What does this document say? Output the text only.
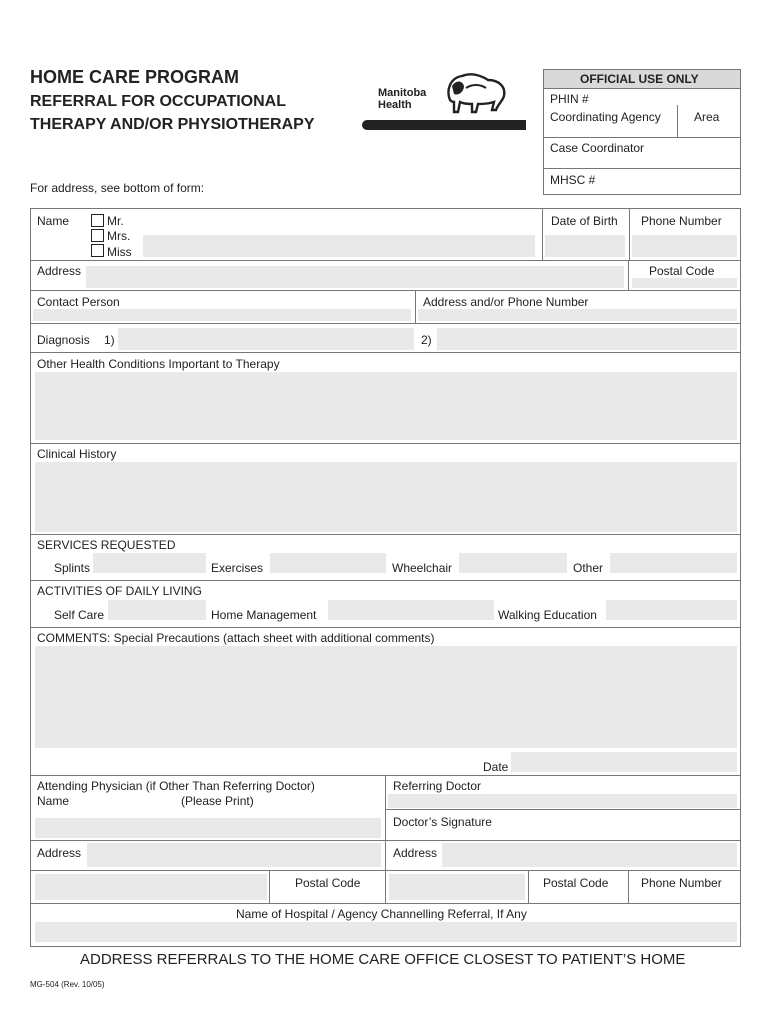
HOME CARE PROGRAM
REFERRAL FOR OCCUPATIONAL
THERAPY AND/OR PHYSIOTHERAPY
Manitoba
Health
OFFICIAL USE ONLY
PHIN #
Coordinating Agency	Area
Case Coordinator
MHSC #
For address, see bottom of form:
Name	Mr.
Mrs.
Miss
Date of Birth Phone Number
Address	Postal Code
Contact Person	Address and/or Phone Number
Diagnosis 1)	2)
Other Health Conditions Important to Therapy
Clinical History
SERVICES REQUESTED
Splints	Exercises	Wheelchair	Other
ACTIVITIES OF DAILY LIVING
Self Care	Home Management	Walking Education
COMMENTS: Special Precautions (attach sheet with additional comments)
Date
Attending Physician (if Other Than Referring Doctor)
Name	(Please Print)
Referring Doctor
Doctor’s Signature
Address	Address
Postal Code	Postal Code	Phone Number
Name of Hospital / Agency Channelling Referral, If Any
ADDRESS REFERRALS TO THE HOME CARE OFFICE CLOSEST TO PATIENT’S HOME
MG-504 (Rev. 10/05)
